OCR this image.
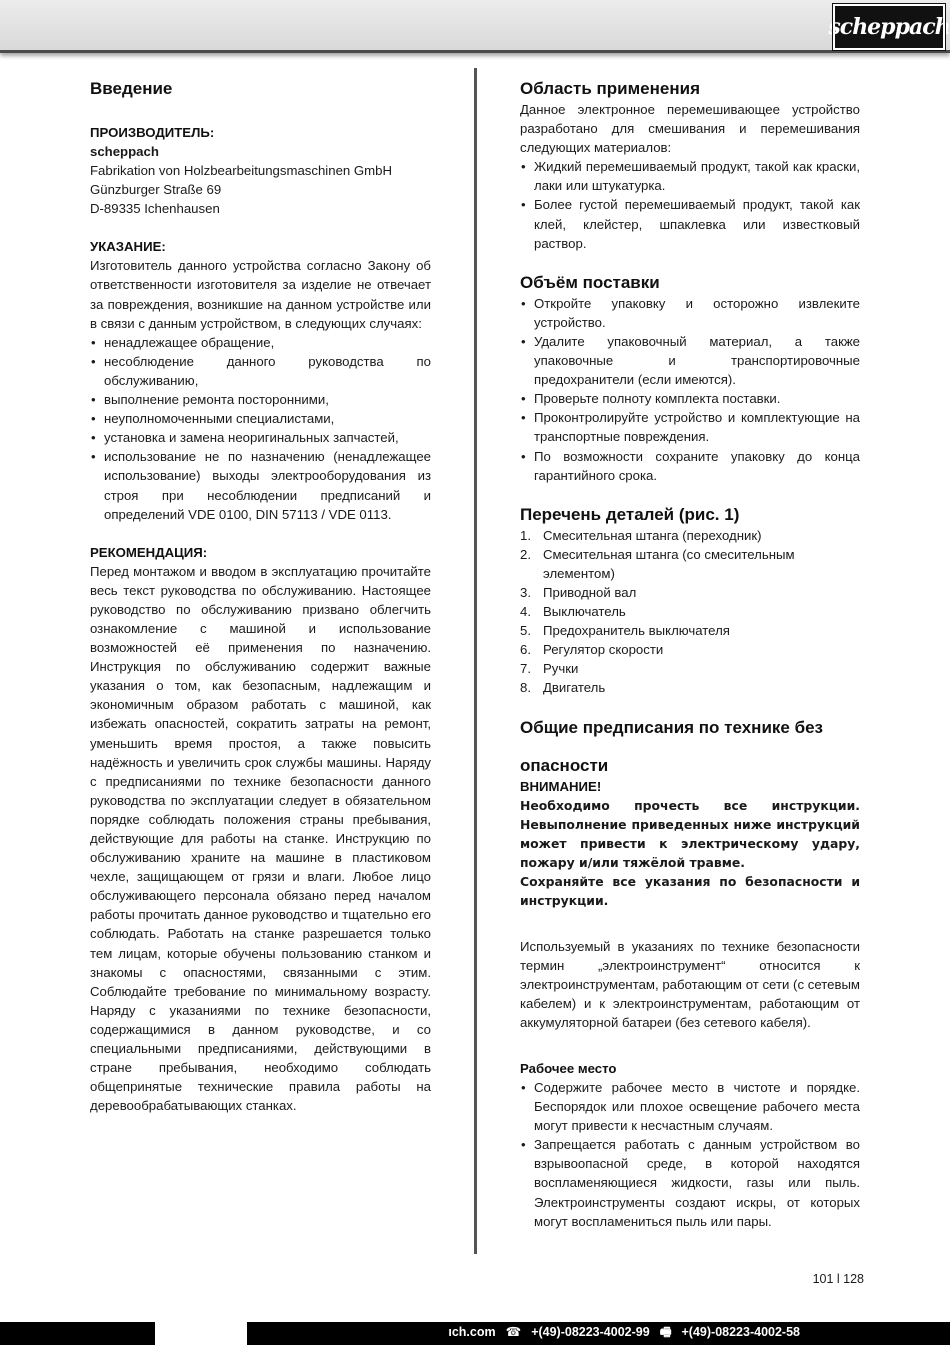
scheppach
Введение
ПРОИЗВОДИТЕЛЬ:
scheppach
Fabrikation von Holzbearbeitungsmaschinen GmbH
Günzburger Straße 69
D-89335 Ichenhausen
УКАЗАНИЕ:

Изготовитель данного устройства согласно Закону об ответственности изготовителя за изделие не отвечает за повреждения, возникшие на данном устройстве или в связи с данным устройством, в следующих случаях:

• ненадлежащее обращение,
• несоблюдение данного руководства по обслуживанию,
• выполнение ремонта посторонними,
• неуполномоченными специалистами,
• установка и замена неоригинальных запчастей,
• использование не по назначению (ненадлежащее использование) выходы электрооборудования из строя при несоблюдении предписаний и определений VDE 0100, DIN 57113 / VDE 0113.
РЕКОМЕНДАЦИЯ:

Перед монтажом и вводом в эксплуатацию прочитайте весь текст руководства по обслуживанию. Настоящее руководство по обслуживанию призвано облегчить ознакомление с машиной и использование возможностей её применения по назначению. Инструкция по обслуживанию содержит важные указания о том, как безопасным, надлежащим и экономичным образом работать с машиной, как избежать опасностей, сократить затраты на ремонт, уменьшить время простоя, а также повысить надёжность и увеличить срок службы машины. Наряду с предписаниями по технике безопасности данного руководства по эксплуатации следует в обязательном порядке соблюдать положения страны пребывания, действующие для работы на станке. Инструкцию по обслуживанию храните на машине в пластиковом чехле, защищающем от грязи и влаги. Любое лицо обслуживающего персонала обязано перед началом работы прочитать данное руководство и тщательно его соблюдать. Работать на станке разрешается только тем лицам, которые обучены пользованию станком и знакомы с опасностями, связанными с этим. Соблюдайте требование по минимальному возрасту. Наряду с указаниями по технике безопасности, содержащимися в данном руководстве, и со специальными предписаниями, действующими в стране пребывания, необходимо соблюдать общепринятые технические правила работы на деревообрабатывающих станках.

Область применения

Данное электронное перемешивающее устройство разработано для смешивания и перемешивания следующих материалов:

• Жидкий перемешиваемый продукт, такой как краски, лаки или штукатурка.
• Более густой перемешиваемый продукт, такой как клей, клейстер, шпаклевка или известковый раствор.
Объём поставки
• Откройте упаковку и осторожно извлеките устройство.
• Удалите упаковочный материал, а также упаковочные и транспортировочные предохранители (если имеются).
• Проверьте полноту комплекта поставки.
• Проконтролируйте устройство и комплектующие на транспортные повреждения.
• По возможности сохраните упаковку до конца гарантийного срока.
Перечень деталей (рис. 1)
1. Смесительная штанга (переходник)
2. Смесительная штанга (со смесительным элементом)
3. Приводной вал
4. Выключатель
5. Предохранитель выключателя
6. Регулятор скорости
7. Ручки
8. Двигатель
Общие предписания по технике без
опасности
ВНИМАНИЕ!

Необходимо прочесть все инструкции. Невыполнение приведенных ниже инструкций может привести к электрическому удару, пожару и/или тяжёлой травме.

Сохраняйте все указания по безопасности и инструкции.

Используемый в указаниях по технике безопасности термин „электроинструмент“ относится к электроинструментам, работающим от сети (с сетевым кабелем) и к электроинструментам, работающим от аккумуляторной батареи (без сетевого кабеля).

Рабочее место
• Содержите рабочее место в чистоте и порядке. Беспорядок или плохое освещение рабочего места могут привести к несчастным случаям.
• Запрещается работать с данным устройством во взрывоопасной среде, в которой находятся воспламеняющиеся жидкости, газы или пыль. Электроинструменты создают искры, от которых могут воспламениться пыль или пары.
101 l 128
ıch.com ☎ +(49)-08223-4002-99 🖷 +(49)-08223-4002-58
